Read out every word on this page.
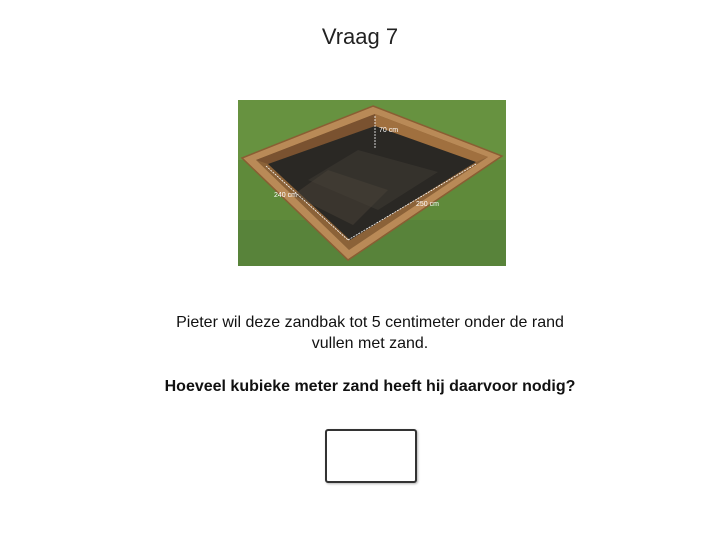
Vraag 7
70 cm
240 cm
250 cm
Pieter wil deze zandbak tot 5 centimeter onder de rand vullen met zand.
Hoeveel kubieke meter zand heeft hij daarvoor nodig?
